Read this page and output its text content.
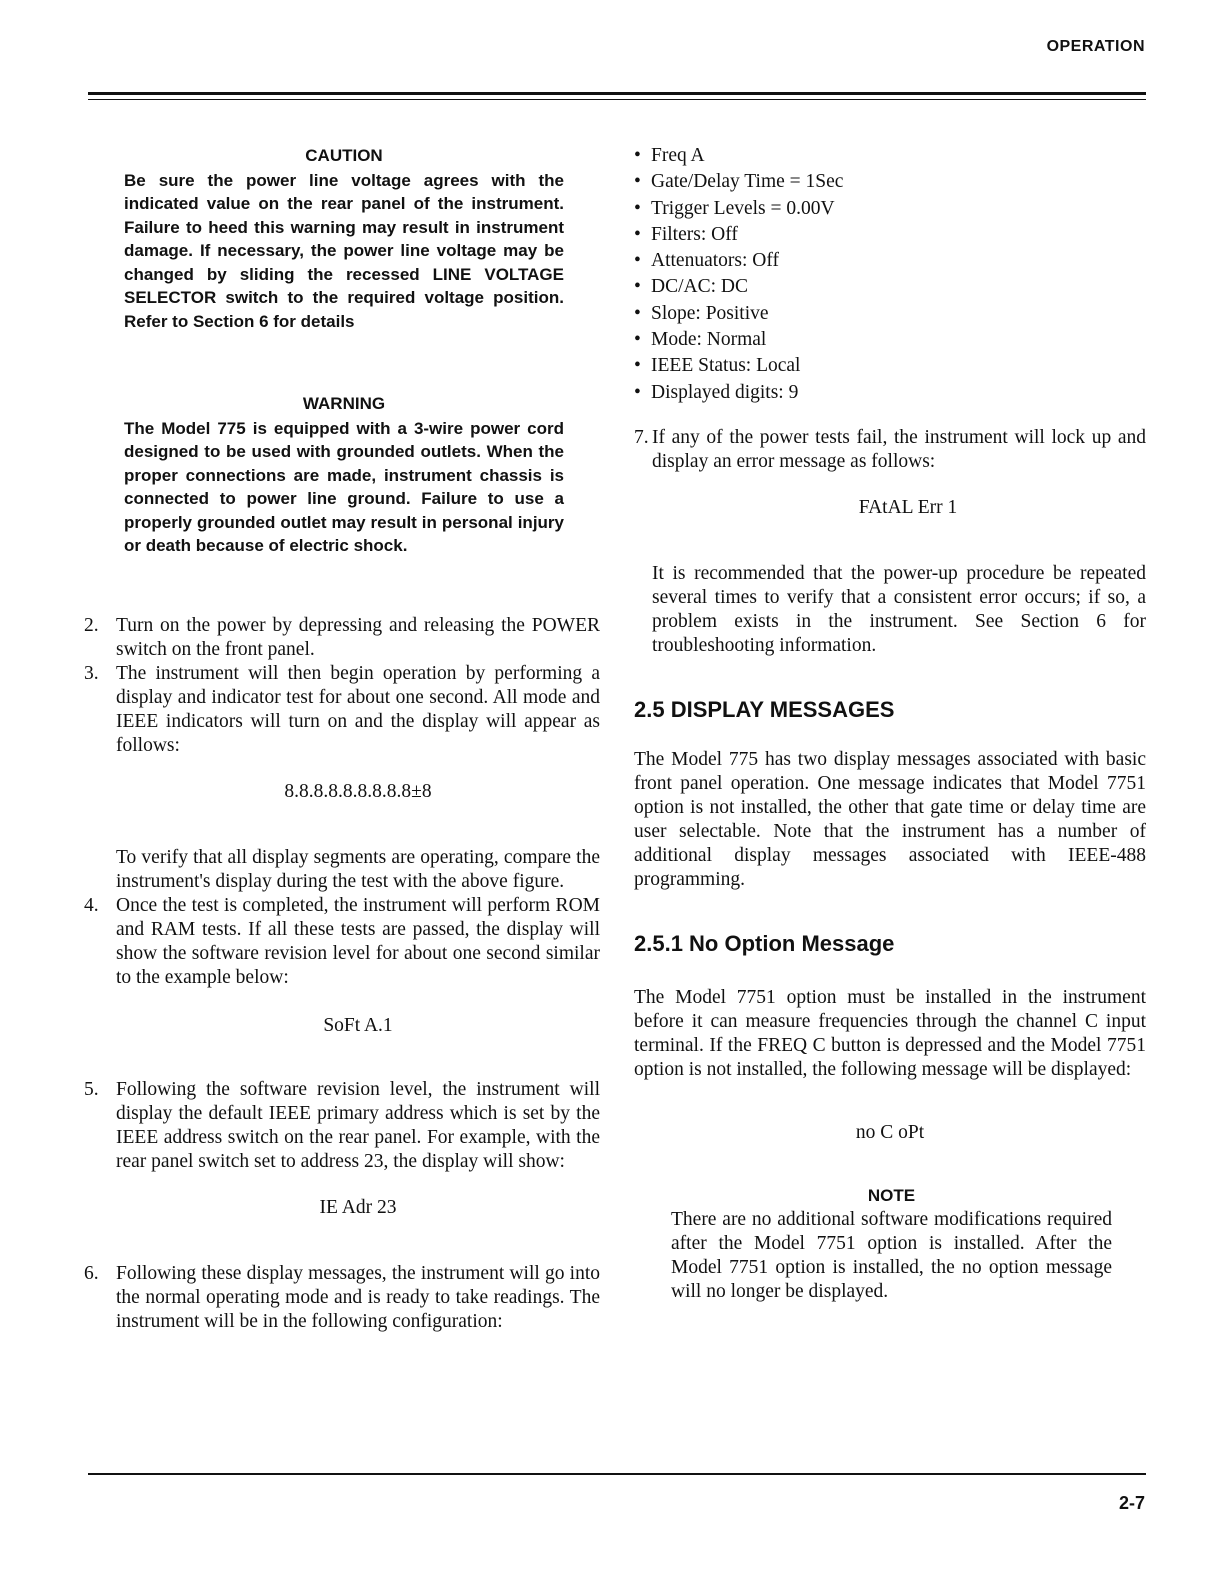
OPERATION
CAUTION
Be sure the power line voltage agrees with the indicated value on the rear panel of the instrument. Failure to heed this warning may result in instrument damage. If necessary, the power line voltage may be changed by sliding the recessed LINE VOLTAGE SELECTOR switch to the required voltage position. Refer to Section 6 for details
WARNING
The Model 775 is equipped with a 3-wire power cord designed to be used with grounded outlets. When the proper connections are made, instrument chassis is connected to power line ground. Failure to use a properly grounded outlet may result in personal injury or death because of electric shock.
2. Turn on the power by depressing and releasing the POWER switch on the front panel.
3. The instrument will then begin operation by performing a display and indicator test for about one second. All mode and IEEE indicators will turn on and the display will appear as follows:

8.8.8.8.8.8.8.8.8±8

To verify that all display segments are operating, compare the instrument's display during the test with the above figure.

4. Once the test is completed, the instrument will perform ROM and RAM tests. If all these tests are passed, the display will show the software revision level for about one second similar to the example below:

SoFt A.1

5. Following the software revision level, the instrument will display the default IEEE primary address which is set by the IEEE address switch on the rear panel. For example, with the rear panel switch set to address 23, the display will show:

IE Adr 23

6. Following these display messages, the instrument will go into the normal operating mode and is ready to take readings. The instrument will be in the following configuration:
• Freq A
• Gate/Delay Time = 1Sec
• Trigger Levels = 0.00V
• Filters: Off
• Attenuators: Off
• DC/AC: DC
• Slope: Positive
• Mode: Normal
• IEEE Status: Local
• Displayed digits: 9
7. If any of the power tests fail, the instrument will lock up and display an error message as follows:

FAtAL Err 1

It is recommended that the power-up procedure be repeated several times to verify that a consistent error occurs; if so, a problem exists in the instrument. See Section 6 for troubleshooting information.

2.5 DISPLAY MESSAGES

The Model 775 has two display messages associated with basic front panel operation. One message indicates that Model 7751 option is not installed, the other that gate time or delay time are user selectable. Note that the instrument has a number of additional display messages associated with IEEE-488 programming.

2.5.1 No Option Message

The Model 7751 option must be installed in the instrument before it can measure frequencies through the channel C input terminal. If the FREQ C button is depressed and the Model 7751 option is not installed, the following message will be displayed:

no C oPt

NOTE

There are no additional software modifications required after the Model 7751 option is installed. After the Model 7751 option is installed, the no option message will no longer be displayed.

2-7
